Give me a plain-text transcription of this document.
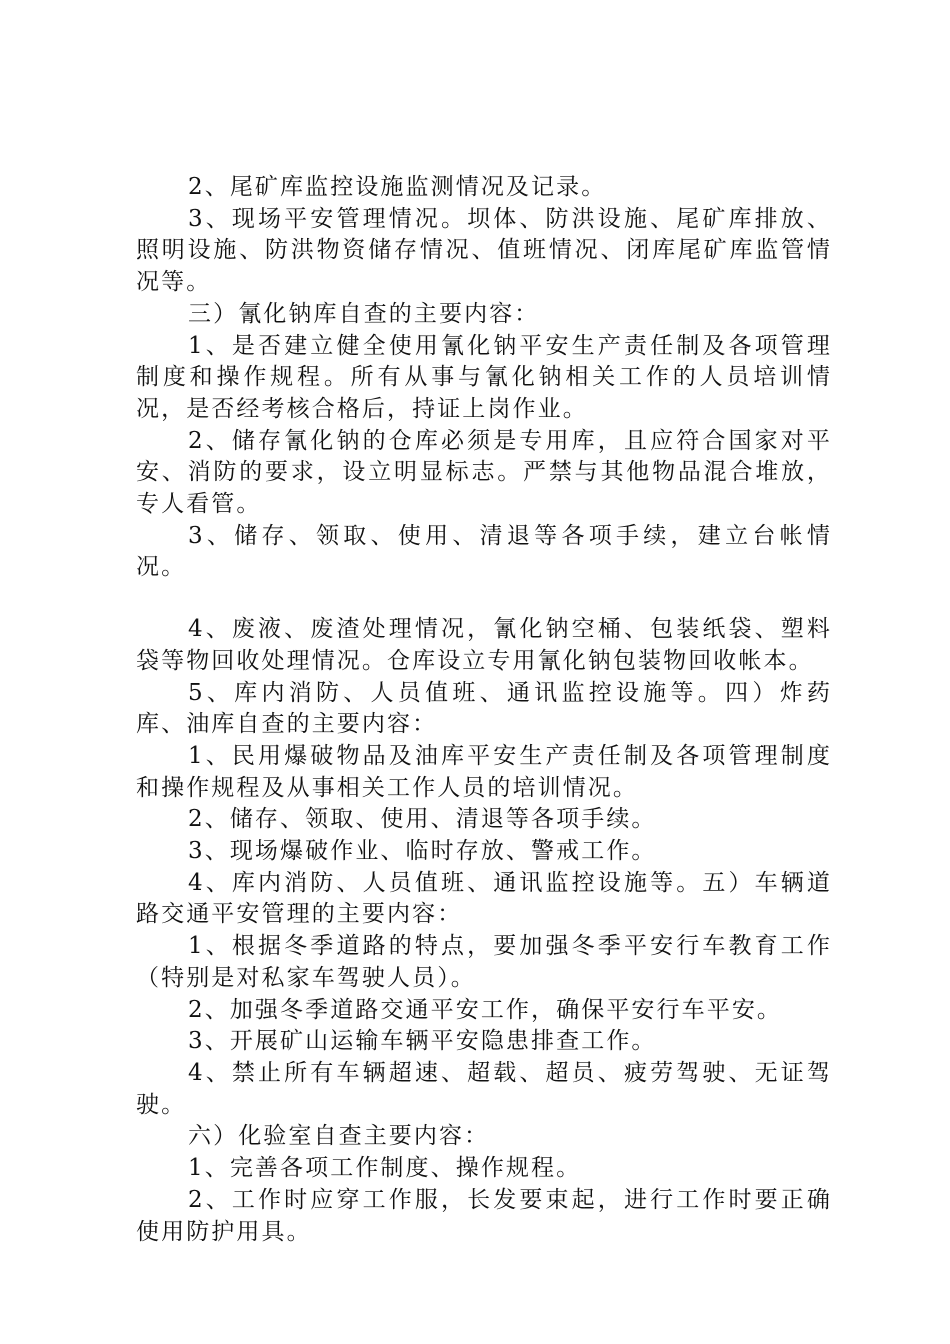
2、尾矿库监控设施监测情况及记录。

3、现场平安管理情况。坝体、防洪设施、尾矿库排放、照明设施、防洪物资储存情况、值班情况、闭库尾矿库监管情况等。

三）氰化钠库自查的主要内容：

1、是否建立健全使用氰化钠平安生产责任制及各项管理制度和操作规程。所有从事与氰化钠相关工作的人员培训情况，是否经考核合格后，持证上岗作业。

2、储存氰化钠的仓库必须是专用库，且应符合国家对平安、消防的要求，设立明显标志。严禁与其他物品混合堆放，专人看管。

3、储存、领取、使用、清退等各项手续，建立台帐情况。

4、废液、废渣处理情况，氰化钠空桶、包装纸袋、塑料袋等物回收处理情况。仓库设立专用氰化钠包装物回收帐本。

5、库内消防、人员值班、通讯监控设施等。四）炸药库、油库自查的主要内容：

1、民用爆破物品及油库平安生产责任制及各项管理制度和操作规程及从事相关工作人员的培训情况。

2、储存、领取、使用、清退等各项手续。

3、现场爆破作业、临时存放、警戒工作。

4、库内消防、人员值班、通讯监控设施等。五）车辆道路交通平安管理的主要内容：

1、根据冬季道路的特点，要加强冬季平安行车教育工作（特别是对私家车驾驶人员）。

2、加强冬季道路交通平安工作，确保平安行车平安。

3、开展矿山运输车辆平安隐患排查工作。

4、禁止所有车辆超速、超载、超员、疲劳驾驶、无证驾驶。

六）化验室自查主要内容：

1、完善各项工作制度、操作规程。

2、工作时应穿工作服，长发要束起，进行工作时要正确使用防护用具。
